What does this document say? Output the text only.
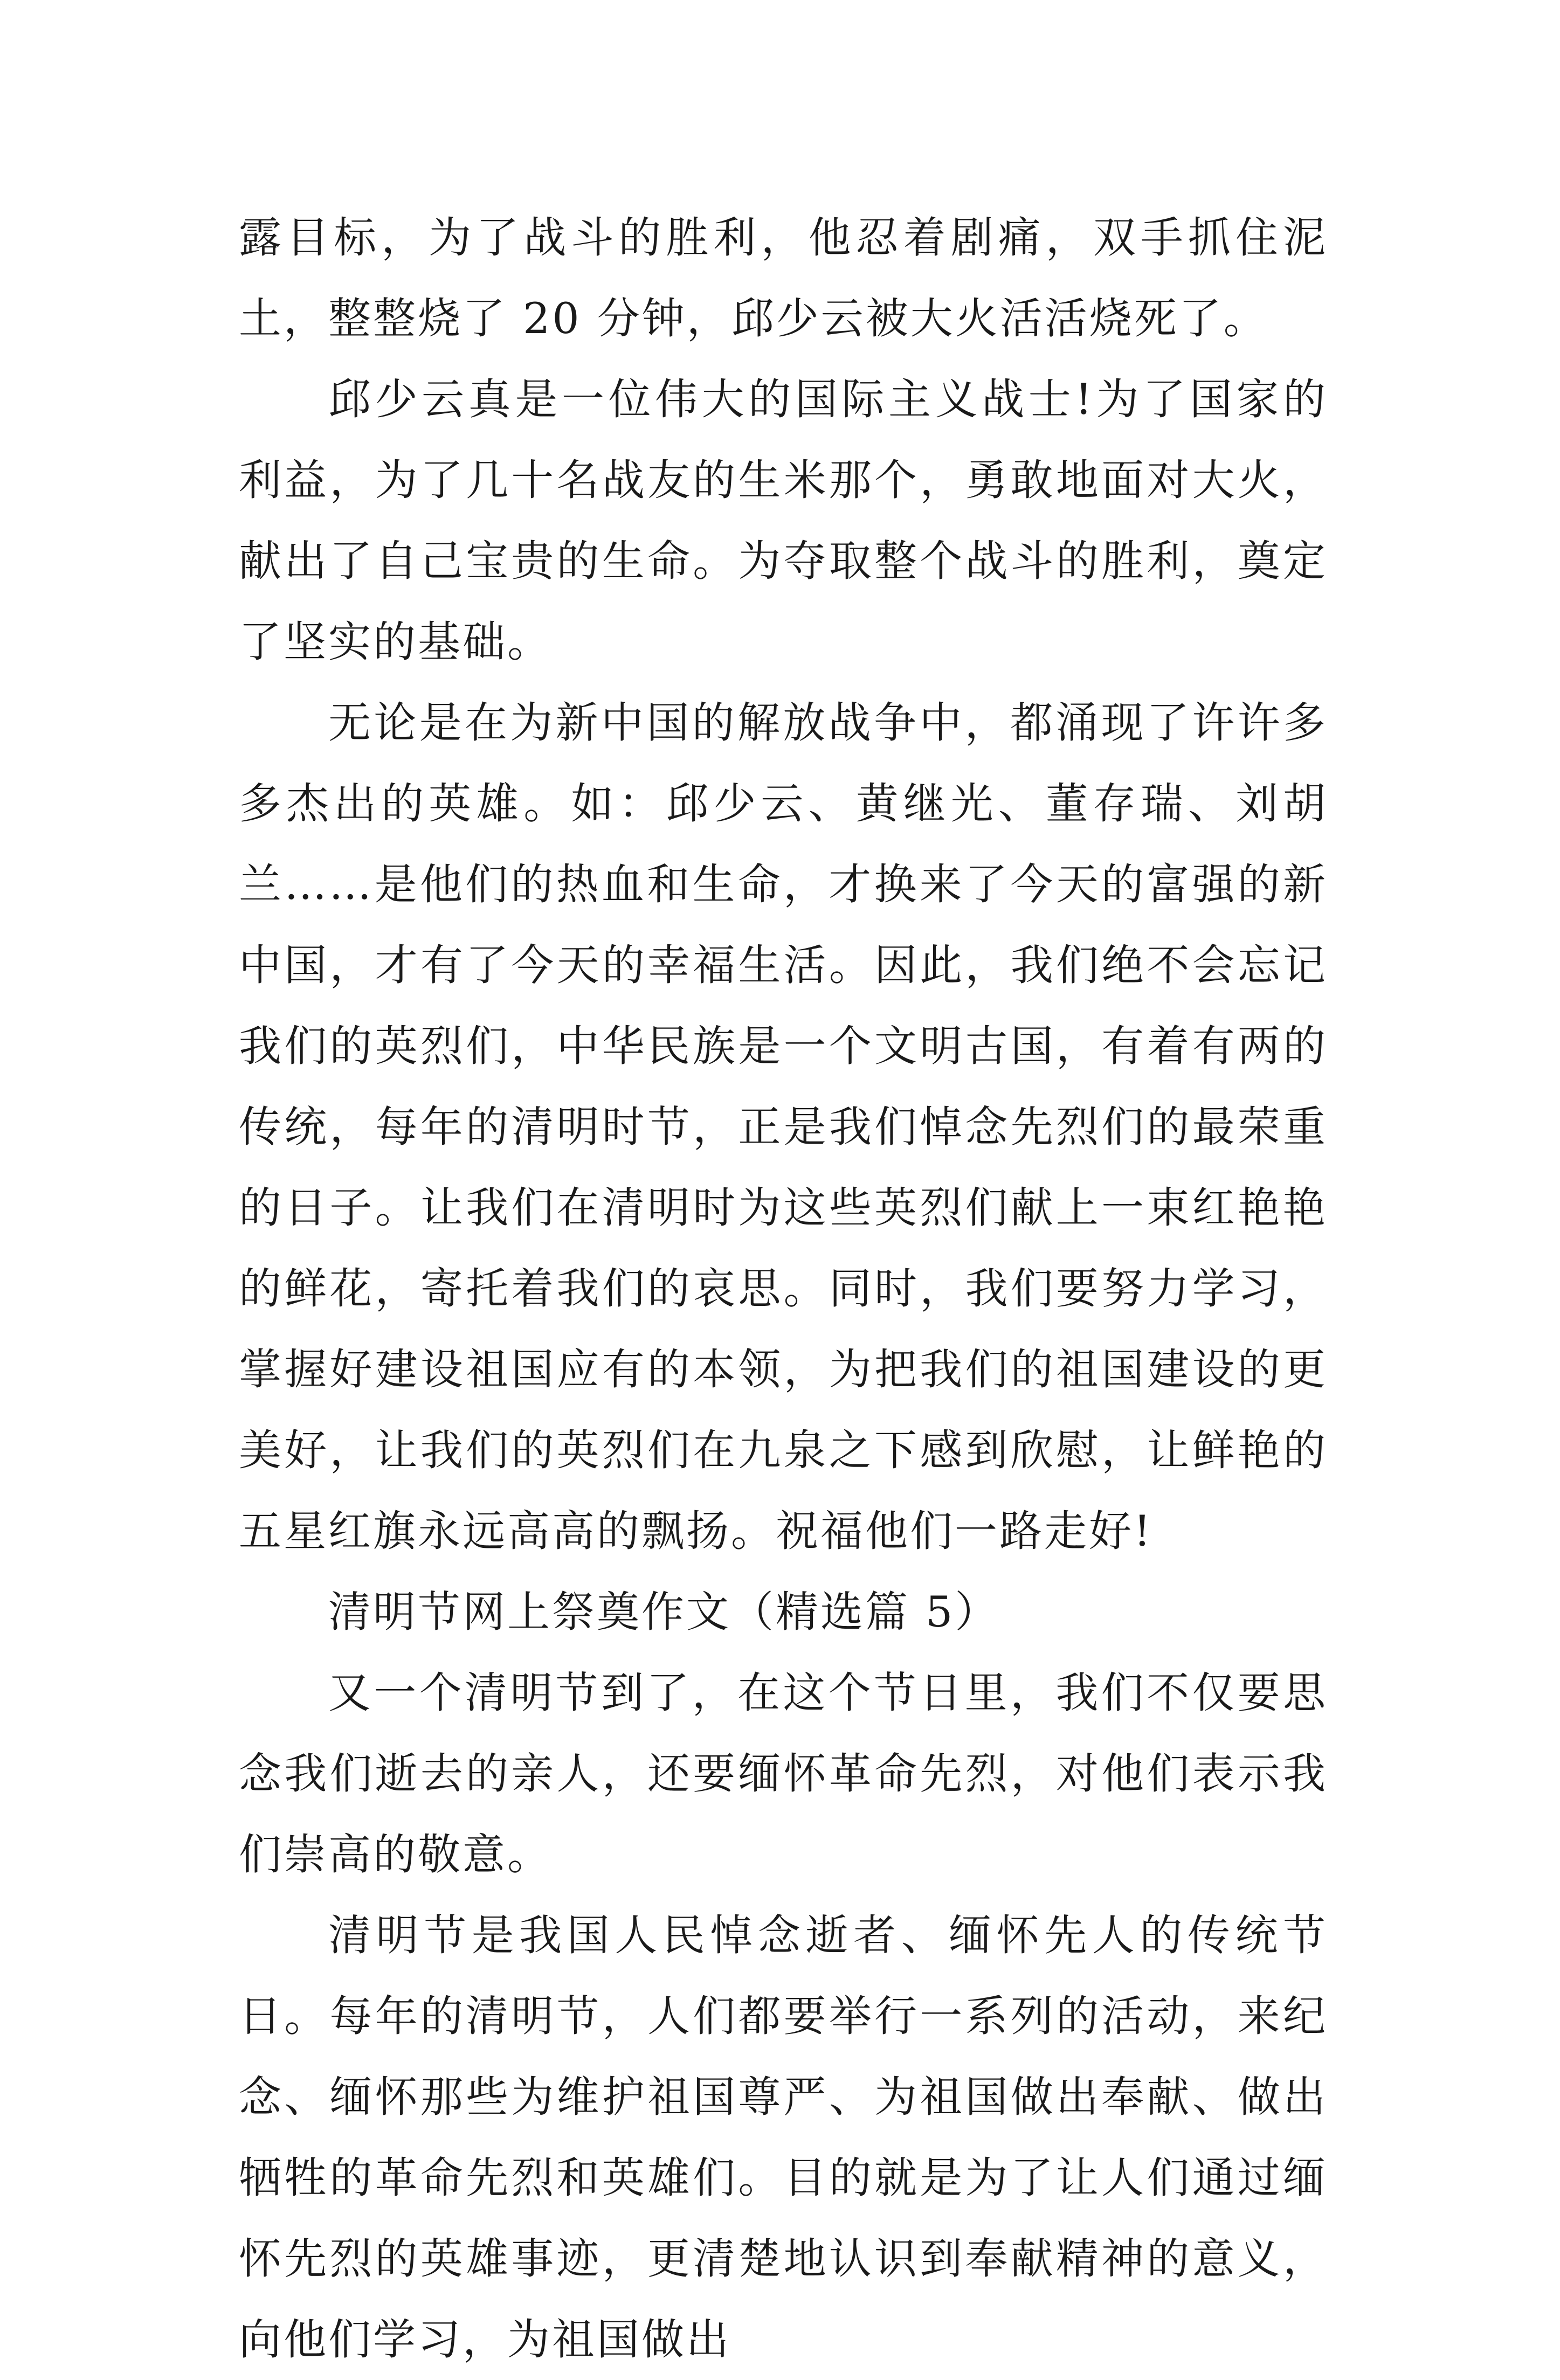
露目标，为了战斗的胜利，他忍着剧痛，双手抓住泥土，整整烧了 20 分钟，邱少云被大火活活烧死了。

邱少云真是一位伟大的国际主义战士!为了国家的利益，为了几十名战友的生米那个，勇敢地面对大火，献出了自己宝贵的生命。为夺取整个战斗的胜利，奠定了坚实的基础。

无论是在为新中国的解放战争中，都涌现了许许多多杰出的英雄。如：邱少云、黄继光、董存瑞、刘胡兰……是他们的热血和生命，才换来了今天的富强的新中国，才有了今天的幸福生活。因此，我们绝不会忘记我们的英烈们，中华民族是一个文明古国，有着有两的传统，每年的清明时节，正是我们悼念先烈们的最荣重的日子。让我们在清明时为这些英烈们献上一束红艳艳的鲜花，寄托着我们的哀思。同时，我们要努力学习，掌握好建设祖国应有的本领，为把我们的祖国建设的更美好，让我们的英烈们在九泉之下感到欣慰，让鲜艳的五星红旗永远高高的飘扬。祝福他们一路走好!

清明节网上祭奠作文（精选篇 5）

又一个清明节到了，在这个节日里，我们不仅要思念我们逝去的亲人，还要缅怀革命先烈，对他们表示我们崇高的敬意。

清明节是我国人民悼念逝者、缅怀先人的传统节日。每年的清明节，人们都要举行一系列的活动，来纪念、缅怀那些为维护祖国尊严、为祖国做出奉献、做出牺牲的革命先烈和英雄们。目的就是为了让人们通过缅怀先烈的英雄事迹，更清楚地认识到奉献精神的意义，向他们学习，为祖国做出
